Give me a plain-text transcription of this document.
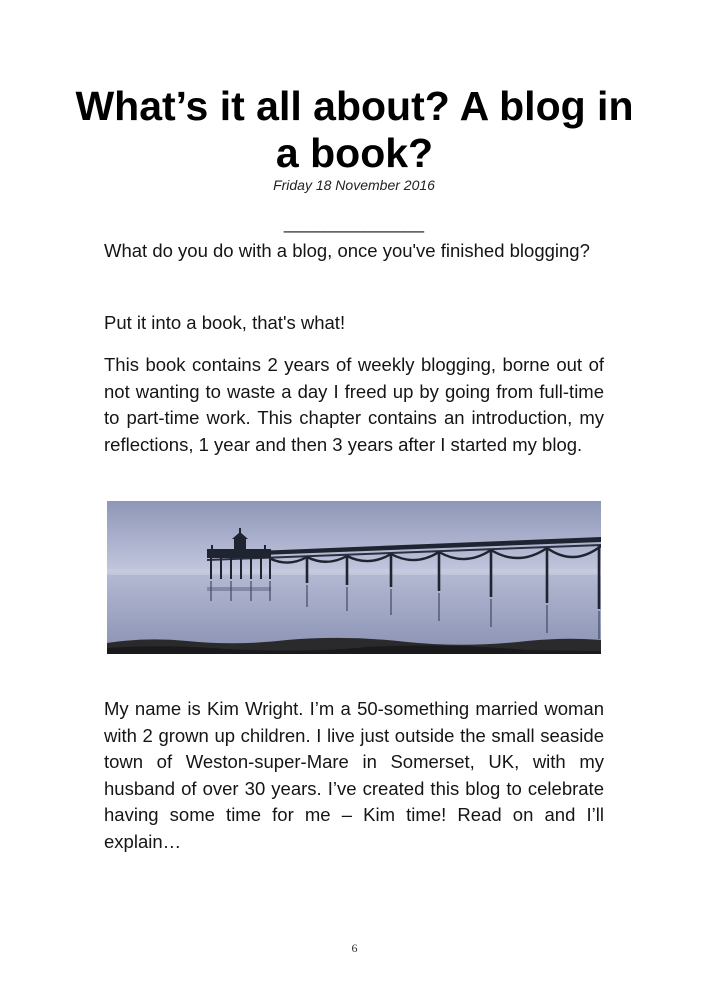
What’s it all about? A blog in a book?
Friday 18 November 2016
______________

What do you do with a blog, once you've finished blogging?

Put it into a book, that's what!

This book contains 2 years of weekly blogging, borne out of not wanting to waste a day I freed up by going from full-time to part-time work. This chapter contains an introduction, my reflections, 1 year and then 3 years after I started my blog.

My name is Kim Wright. I’m a 50-something married woman with 2 grown up children. I live just outside the small seaside town of Weston-super-Mare in Somerset, UK, with my husband of over 30 years. I’ve created this blog to celebrate having some time for me – Kim time! Read on and I’ll explain…

6
